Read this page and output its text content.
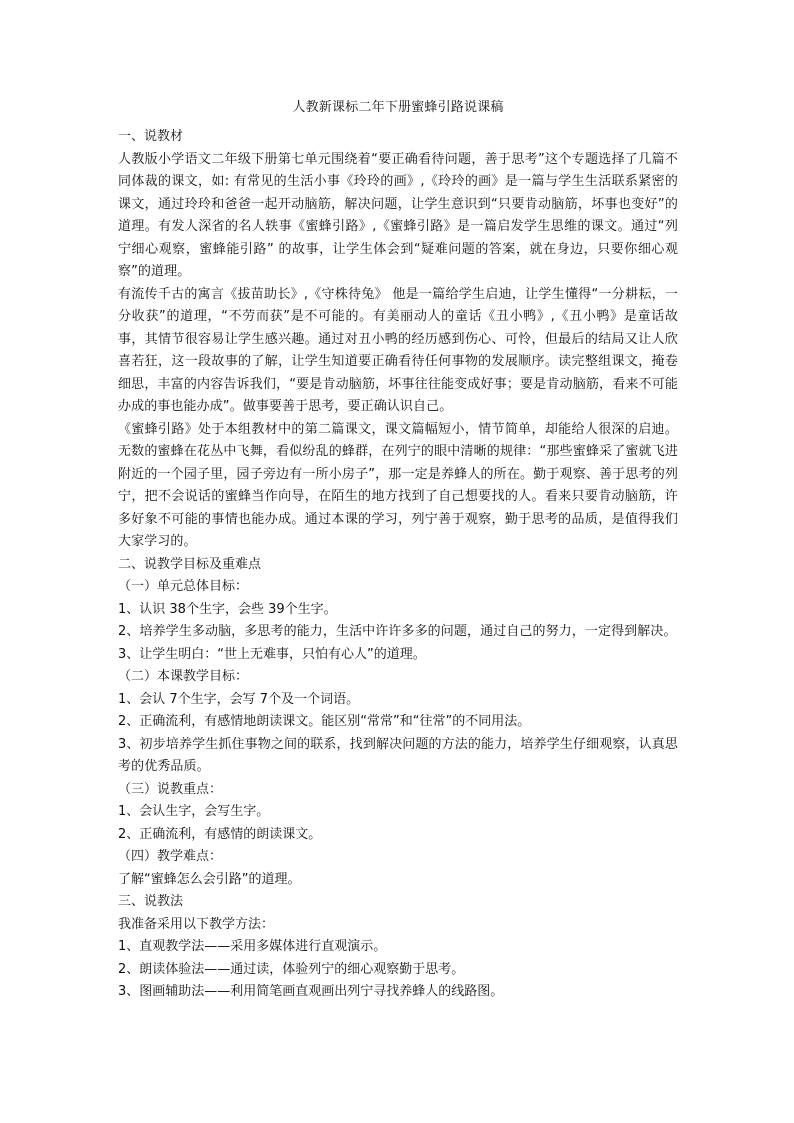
人教新课标二年下册蜜蜂引路说课稿
一、说教材

人教版小学语文二年级下册第七单元围绕着“要正确看待问题，善于思考”这个专题选择了几篇不同体裁的课文，如: 有常见的生活小事《玲玲的画》,《玲玲的画》是一篇与学生生活联系紧密的课文，通过玲玲和爸爸一起开动脑筋，解决问题，让学生意识到“只要肯动脑筋，坏事也变好”的道理。有发人深省的名人轶事《蜜蜂引路》,《蜜蜂引路》是一篇启发学生思维的课文。通过“列宁细心观察，蜜蜂能引路” 的故事，让学生体会到“疑难问题的答案，就在身边，只要你细心观察”的道理。

有流传千古的寓言《拔苗助长》,《守株待兔》 他是一篇给学生启迪，让学生懂得“一分耕耘，一分收获”的道理，“不劳而获”是不可能的。有美丽动人的童话《丑小鸭》,《丑小鸭》是童话故事，其情节很容易让学生感兴趣。通过对丑小鸭的经历感到伤心、可怜，但最后的结局又让人欣喜若狂，这一段故事的了解，让学生知道要正确看待任何事物的发展顺序。读完整组课文，掩卷细思，丰富的内容告诉我们，“要是肯动脑筋，坏事往往能变成好事；要是肯动脑筋，看来不可能办成的事也能办成”。做事要善于思考，要正确认识自己。

《蜜蜂引路》处于本组教材中的第二篇课文，课文篇幅短小，情节简单，却能给人很深的启迪。无数的蜜蜂在花丛中飞舞，看似纷乱的蜂群，在列宁的眼中清晰的规律：“那些蜜蜂采了蜜就飞进附近的一个园子里，园子旁边有一所小房子”，那一定是养蜂人的所在。勤于观察、善于思考的列宁，把不会说话的蜜蜂当作向导，在陌生的地方找到了自己想要找的人。看来只要肯动脑筋，许多好象不可能的事情也能办成。通过本课的学习，列宁善于观察，勤于思考的品质，是值得我们大家学习的。

二、说教学目标及重难点

（一）单元总体目标：

1、认识 38个生字，会些 39个生字。

2、培养学生多动脑，多思考的能力，生活中许许多多的问题，通过自己的努力，一定得到解决。

3、让学生明白：“世上无难事，只怕有心人”的道理。

（二）本课教学目标：

1、会认 7个生字，会写 7个及一个词语。

2、正确流利，有感情地朗读课文。能区别“常常”和“往常”的不同用法。

3、初步培养学生抓住事物之间的联系，找到解决问题的方法的能力，培养学生仔细观察，认真思考的优秀品质。

（三）说教重点：

1、会认生字，会写生字。

2、正确流利，有感情的朗读课文。

（四）教学难点：

了解“蜜蜂怎么会引路”的道理。

三、说教法

我准备采用以下教学方法：

1、直观教学法——采用多媒体进行直观演示。

2、朗读体验法——通过读，体验列宁的细心观察勤于思考。

3、图画辅助法——利用简笔画直观画出列宁寻找养蜂人的线路图。
